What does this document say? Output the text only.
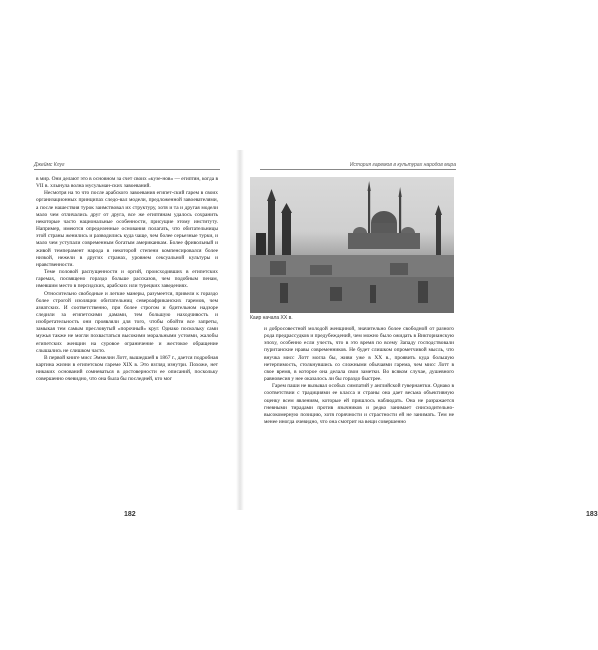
Джеймс Клуг

в мир. Они делают это в основном за счет своих «кузе-нов» — египтян, когда в VII в. хлынула волна мусульман-ских завоеваний.

Несмотря на то что после арабского завоевания египет-ский гарем в своих организационных принципах следо-вал модели, предложенной завоевателями, а после нашествия турок заимствовал их структуру, хотя и та и другая модели мало чем отличались друг от друга, все же египтянам удалось сохранить некоторые часто национальные особенности, присущие этому институту. Например, имеются определенные основания полагать, что обитательницы этой страны женились и разводились куда чаще, чем более серьезные турки, и мало чем уступали современным богатым американкам. Более фривольный и живой темперамент народа в некоторой степени компенсировался более низкой, нежели в других странах, уровнем сексуальной культуры и нравственности.

Теме половой распущенности и оргий, происходивших в египетских гаремах, посвящено гораздо больше рассказов, чем подобным пенам, имевшим место в персидских, арабских или турецких заведениях.

Относительно свободные и легкие манеры, разумеется, привели к гораздо более строгой изоляции обитательниц североафриканских гаремов, чем азиатских. И соответственно, при более строгом и бдительном надзоре следили за египетскими дамами, тем большую находчивость и изобретательность они проявляли для того, чтобы обойти все запреты, замыкая тем самым пресловутый «порочный» круг. Однако поскольку сами мужья также не могли похвастаться высокими моральными устоями, жалобы египетских женщин на суровое ограничение и жестокое обращение слышались не слишком часто.

В первой книге мисс Эммелин Лотт, вышедшей в 1867 г., дается подробная картина жизни в египетском гареме XIX в. Это взгляд изнутри. Похоже, нет никаких оснований сомневаться в достоверности ее описаний, поскольку совершенно очевидно, что она была бы последней, кто мог

182
История гаремов в культурах народов мира

и добросовестной молодой женщиной, значительно более свободной от разного рода предрассудков и предубеждений, чем можно было ожидать в Викторианскую эпоху, особенно если учесть, что в это время по всему Западу господствовали пуританские нравы современников. Не будет слишком опрометчивой мысль, что внучка мисс Лотт могла бы, живи уже в XX в., проявить куда большую нетерпимость, столкнувшись со сложными обычаями гарема, чем мисс Лотт в свое время, в которое она делала свои заметки. Во всяком случае, душевного равновесия у нее оказалось ли бы гораздо быстрее.

Гарем паши не вызывал особых симпатий у английской гувернантки. Однако в соответствии с традициями ее класса и страны она дает весьма объективную оценку всем явлениям, которые ей пришлось наблюдать. Она не разражается гневными тирадами против язычников и редко занимает снисходительно-высокомерную позицию, хотя горячности и страстности ей не занимать. Тем не менее иногда очевидно, что она смотрит на вещи совершенно

183
Каир начала XX в.
